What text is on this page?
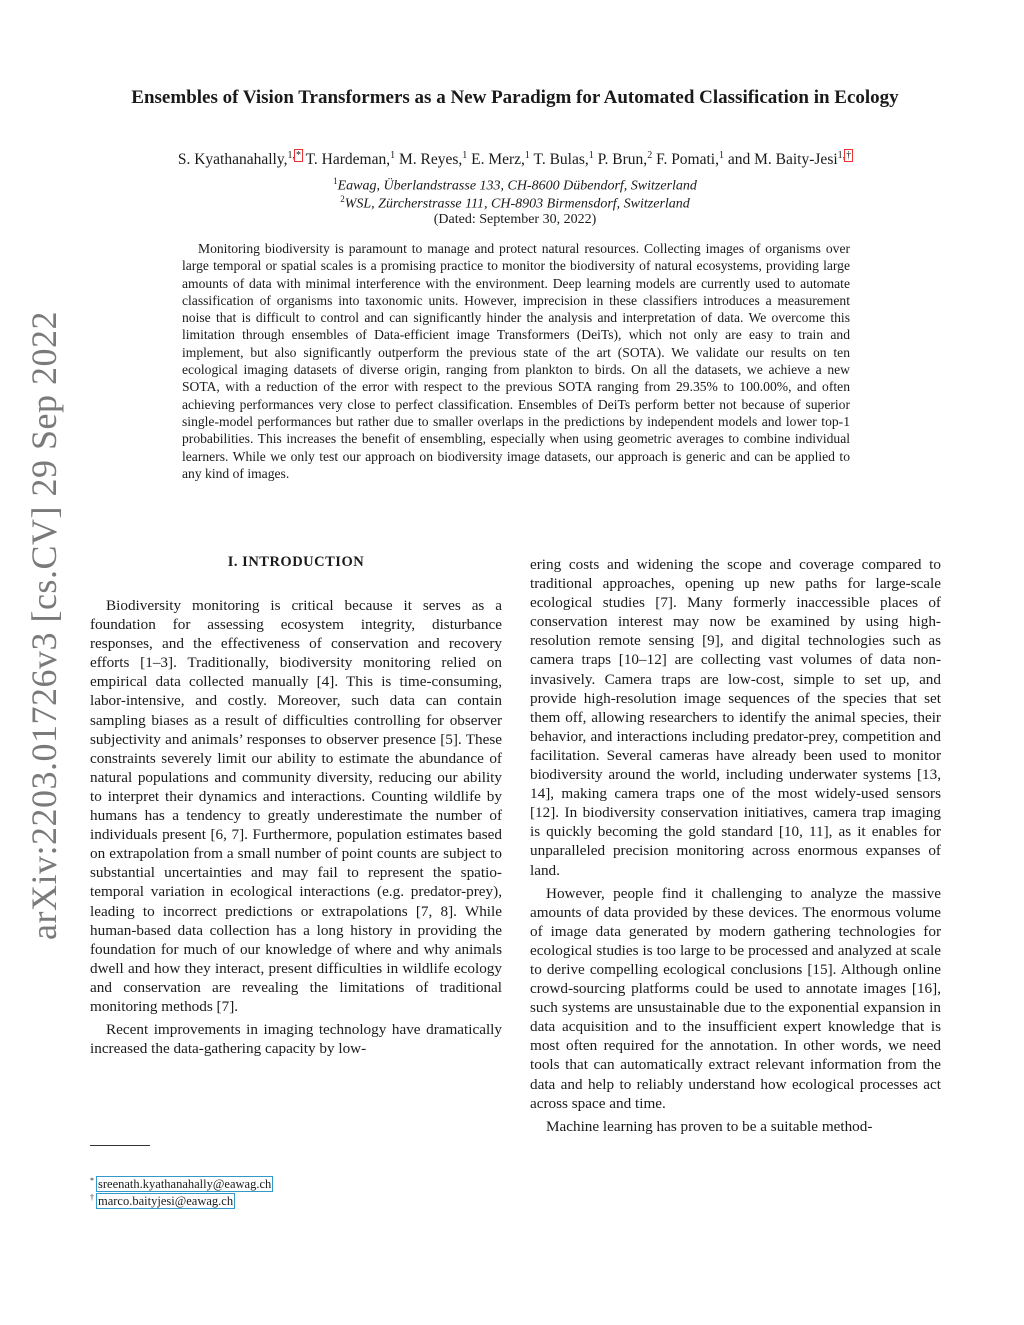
arXiv:2203.01726v3 [cs.CV] 29 Sep 2022
Ensembles of Vision Transformers as a New Paradigm for Automated Classification in Ecology
S. Kyathanahally,$^{1,*}$ T. Hardeman,$^1$ M. Reyes,$^1$ E. Merz,$^1$ T. Bulas,$^1$ P. Brun,$^2$ F. Pomati,$^1$ and M. Baity-Jesi$^{1,\dagger}$
$^1$Eawag, Überlandstrasse 133, CH-8600 Dübendorf, Switzerland
$^2$WSL, Zürcherstrasse 111, CH-8903 Birmensdorf, Switzerland
(Dated: September 30, 2022)

Monitoring biodiversity is paramount to manage and protect natural resources. Collecting images of organisms over large temporal or spatial scales is a promising practice to monitor the biodiversity of natural ecosystems, providing large amounts of data with minimal interference with the environment. Deep learning models are currently used to automate classification of organisms into taxonomic units. However, imprecision in these classifiers introduces a measurement noise that is difficult to control and can significantly hinder the analysis and interpretation of data. We overcome this limitation through ensembles of Data-efficient image Transformers (DeiTs), which not only are easy to train and implement, but also significantly outperform the previous state of the art (SOTA). We validate our results on ten ecological imaging datasets of diverse origin, ranging from plankton to birds. On all the datasets, we achieve a new SOTA, with a reduction of the error with respect to the previous SOTA ranging from 29.35% to 100.00%, and often achieving performances very close to perfect classification. Ensembles of DeiTs perform better not because of superior single-model performances but rather due to smaller overlaps in the predictions by independent models and lower top-1 probabilities. This increases the benefit of ensembling, especially when using geometric averages to combine individual learners. While we only test our approach on biodiversity image datasets, our approach is generic and can be applied to any kind of images.

I. INTRODUCTION

Biodiversity monitoring is critical because it serves as a foundation for assessing ecosystem integrity, disturbance responses, and the effectiveness of conservation and recovery efforts [1–3]. Traditionally, biodiversity monitoring relied on empirical data collected manually [4]. This is time-consuming, labor-intensive, and costly. Moreover, such data can contain sampling biases as a result of difficulties controlling for observer subjectivity and animals’ responses to observer presence [5]. These constraints severely limit our ability to estimate the abundance of natural populations and community diversity, reducing our ability to interpret their dynamics and interactions. Counting wildlife by humans has a tendency to greatly underestimate the number of individuals present [6, 7]. Furthermore, population estimates based on extrapolation from a small number of point counts are subject to substantial uncertainties and may fail to represent the spatio-temporal variation in ecological interactions (e.g. predator-prey), leading to incorrect predictions or extrapolations [7, 8]. While human-based data collection has a long history in providing the foundation for much of our knowledge of where and why animals dwell and how they interact, present difficulties in wildlife ecology and conservation are revealing the limitations of traditional monitoring methods [7].

Recent improvements in imaging technology have dramatically increased the data-gathering capacity by low-

ering costs and widening the scope and coverage compared to traditional approaches, opening up new paths for large-scale ecological studies [7]. Many formerly inaccessible places of conservation interest may now be examined by using high-resolution remote sensing [9], and digital technologies such as camera traps [10–12] are collecting vast volumes of data non-invasively. Camera traps are low-cost, simple to set up, and provide high-resolution image sequences of the species that set them off, allowing researchers to identify the animal species, their behavior, and interactions including predator-prey, competition and facilitation. Several cameras have already been used to monitor biodiversity around the world, including underwater systems [13, 14], making camera traps one of the most widely-used sensors [12]. In biodiversity conservation initiatives, camera trap imaging is quickly becoming the gold standard [10, 11], as it enables for unparalleled precision monitoring across enormous expanses of land.

However, people find it challenging to analyze the massive amounts of data provided by these devices. The enormous volume of image data generated by modern gathering technologies for ecological studies is too large to be processed and analyzed at scale to derive compelling ecological conclusions [15]. Although online crowd-sourcing platforms could be used to annotate images [16], such systems are unsustainable due to the exponential expansion in data acquisition and to the insufficient expert knowledge that is most often required for the annotation. In other words, we need tools that can automatically extract relevant information from the data and help to reliably understand how ecological processes act across space and time.

Machine learning has proven to be a suitable method-

* sreenath.kyathanahally@eawag.ch
† marco.baityjesi@eawag.ch
